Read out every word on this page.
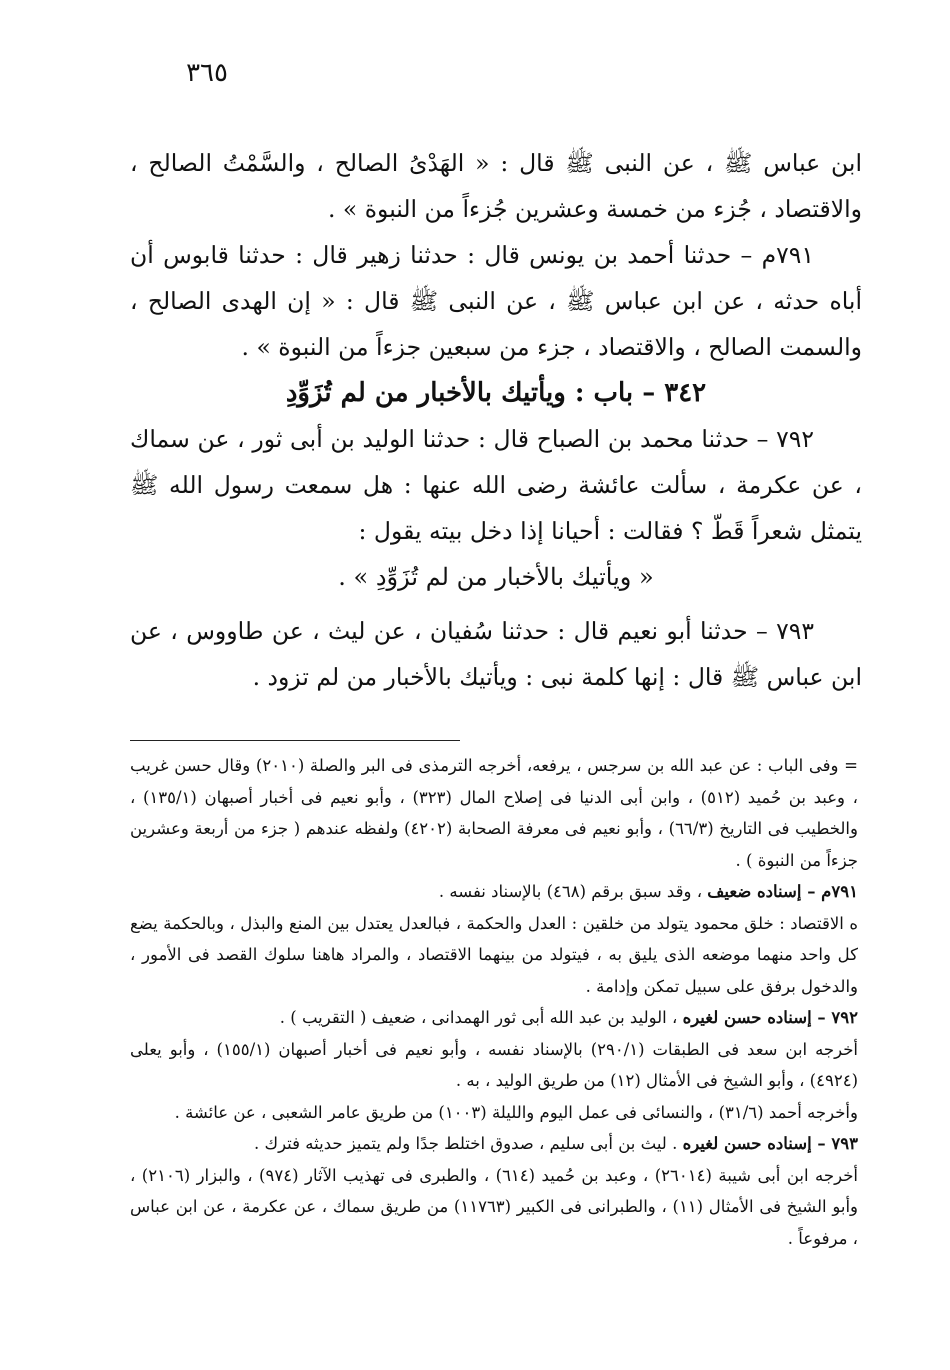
٣٦٥

ابن عباس ﷺ ، عن النبى ﷺ قال : « الهَدْىُ الصالح ، والسَّمْتُ الصالح ، والاقتصاد ، جُزء من خمسة وعشرين جُزءاً من النبوة » .

٧٩١م – حدثنا أحمد بن يونس قال : حدثنا زهير قال : حدثنا قابوس أن أباه حدثه ، عن ابن عباس ﷺ ، عن النبى ﷺ قال : « إن الهدى الصالح ، والسمت الصالح ، والاقتصاد ، جزء من سبعين جزءاً من النبوة » .

٣٤٢ – باب : ويأتيك بالأخبار من لم تُزَوِّدِ

٧٩٢ – حدثنا محمد بن الصباح قال : حدثنا الوليد بن أبى ثور ، عن سماك ، عن عكرمة ، سألت عائشة رضى الله عنها : هل سمعت رسول الله ﷺ يتمثل شعراً قَطّ ؟ فقالت : أحيانا إذا دخل بيته يقول :

« ويأتيك بالأخبار من لم تُزَوِّدِ » .

٧٩٣ – حدثنا أبو نعيم قال : حدثنا سُفيان ، عن ليث ، عن طاووس ، عن ابن عباس ﷺ قال : إنها كلمة نبى : ويأتيك بالأخبار من لم تزود .

= وفى الباب : عن عبد الله بن سرجس ، يرفعه، أخرجه الترمذى فى البر والصلة (٢٠١٠) وقال حسن غريب ، وعبد بن حُميد (٥١٢) ، وابن أبى الدنيا فى إصلاح المال (٣٢٣) ، وأبو نعيم فى أخبار أصبهان (١٣٥/١) ، والخطيب فى التاريخ (٦٦/٣) ، وأبو نعيم فى معرفة الصحابة (٤٢٠٢) ولفظه عندهم ( جزء من أربعة وعشرين جزءاً من النبوة ) .

٧٩١م – إسناده ضعيف ، وقد سبق برقم (٤٦٨) بالإسناد نفسه .

ه الاقتصاد : خلق محمود يتولد من خلقين : العدل والحكمة ، فبالعدل يعتدل بين المنع والبذل ، وبالحكمة يضع كل واحد منهما موضعه الذى يليق به ، فيتولد من بينهما الاقتصاد ، والمراد هاهنا سلوك القصد فى الأمور ، والدخول برفق على سبيل تمكن وإدامة .

٧٩٢ – إسناده حسن لغيره ، الوليد بن عبد الله أبى ثور الهمدانى ، ضعيف ( التقريب ) .

أخرجه ابن سعد فى الطبقات (٢٩٠/١) بالإسناد نفسه ، وأبو نعيم فى أخبار أصبهان (١٥٥/١) ، وأبو يعلى (٤٩٢٤) ، وأبو الشيخ فى الأمثال (١٢) من طريق الوليد ، به .

وأخرجه أحمد (٣١/٦) ، والنسائى فى عمل اليوم والليلة (١٠٠٣) من طريق عامر الشعبى ، عن عائشة .

٧٩٣ – إسناده حسن لغيره . ليث بن أبى سليم ، صدوق اختلط جدًا ولم يتميز حديثه فترك .

أخرجه ابن أبى شيبة (٢٦٠١٤) ، وعبد بن حُميد (٦١٤) ، والطبرى فى تهذيب الآثار (٩٧٤) ، والبزار (٢١٠٦) ، وأبو الشيخ فى الأمثال (١١) ، والطبرانى فى الكبير (١١٧٦٣) من طريق سماك ، عن عكرمة ، عن ابن عباس ، مرفوعاً .
